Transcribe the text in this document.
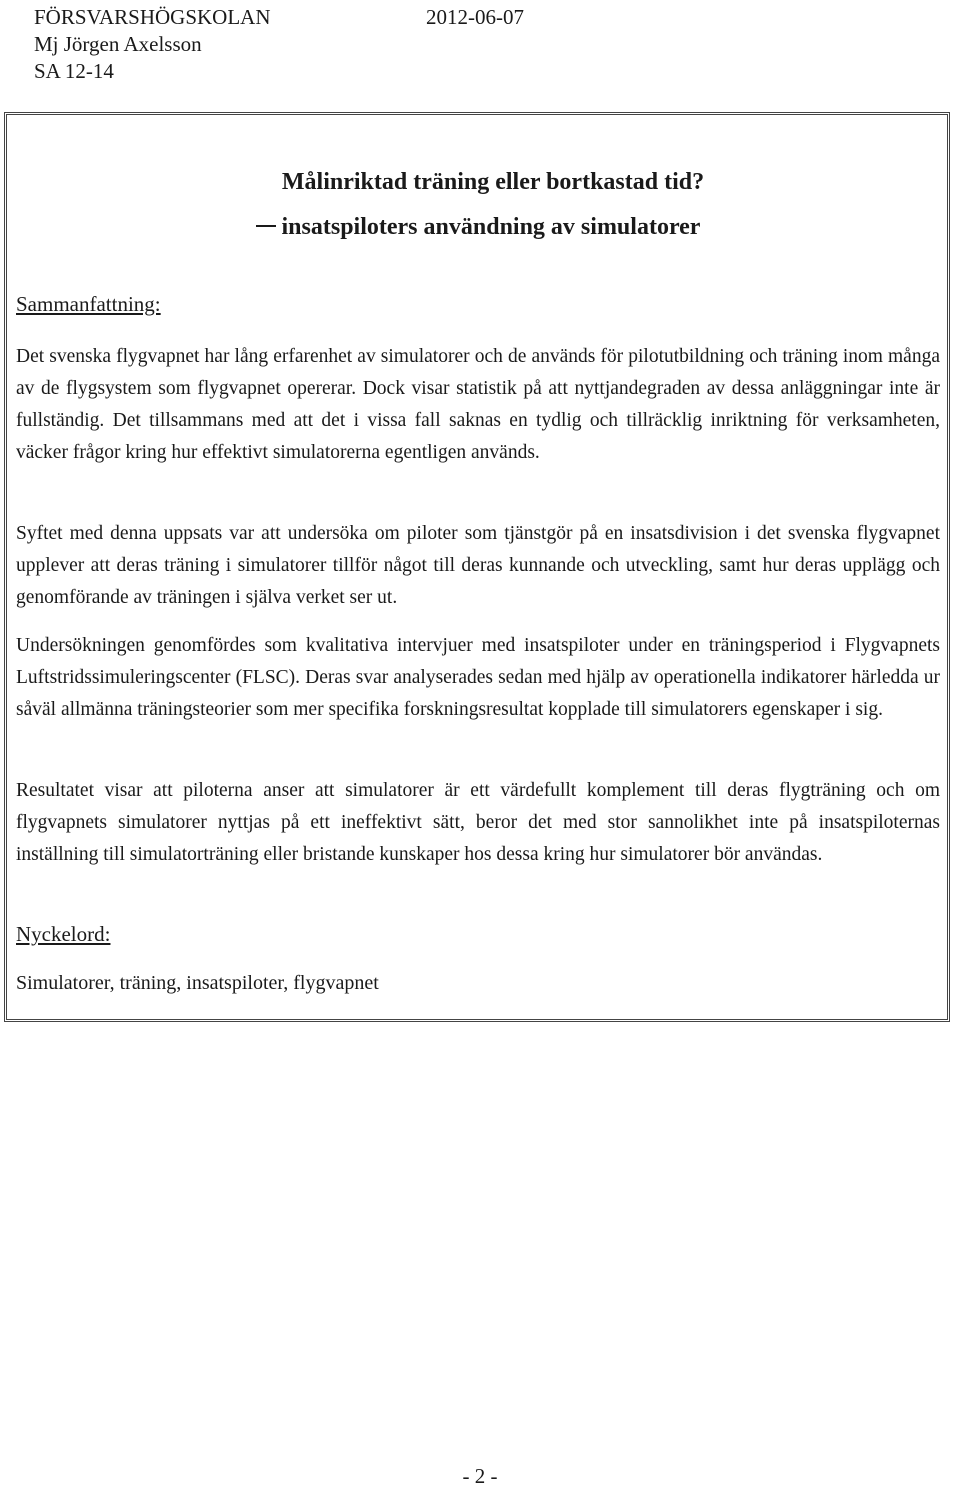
FÖRSVARSHÖGSKOLAN	2012-06-07
Mj Jörgen Axelsson
SA 12-14
Målinriktad träning eller bortkastad tid?
insatspiloters användning av simulatorer
Sammanfattning:

Det svenska flygvapnet har lång erfarenhet av simulatorer och de används för pilotutbildning och träning inom många av de flygsystem som flygvapnet opererar. Dock visar statistik på att nyttjandegraden av dessa anläggningar inte är fullständig. Det tillsammans med att det i vissa fall saknas en tydlig och tillräcklig inriktning för verksamheten, väcker frågor kring hur effektivt simulatorerna egentligen används.

Syftet med denna uppsats var att undersöka om piloter som tjänstgör på en insatsdivision i det svenska flygvapnet upplever att deras träning i simulatorer tillför något till deras kunnande och utveckling, samt hur deras upplägg och genomförande av träningen i själva verket ser ut.

Undersökningen genomfördes som kvalitativa intervjuer med insatspiloter under en träningsperiod i Flygvapnets Luftstridssimuleringscenter (FLSC). Deras svar analyserades sedan med hjälp av operationella indikatorer härledda ur såväl allmänna träningsteorier som mer specifika forskningsresultat kopplade till simulatorers egenskaper i sig.

Resultatet visar att piloterna anser att simulatorer är ett värdefullt komplement till deras flygträning och om flygvapnets simulatorer nyttjas på ett ineffektivt sätt, beror det med stor sannolikhet inte på insatspiloternas inställning till simulatorträning eller bristande kunskaper hos dessa kring hur simulatorer bör användas.

Nyckelord:
Simulatorer, träning, insatspiloter, flygvapnet
- 2 -
